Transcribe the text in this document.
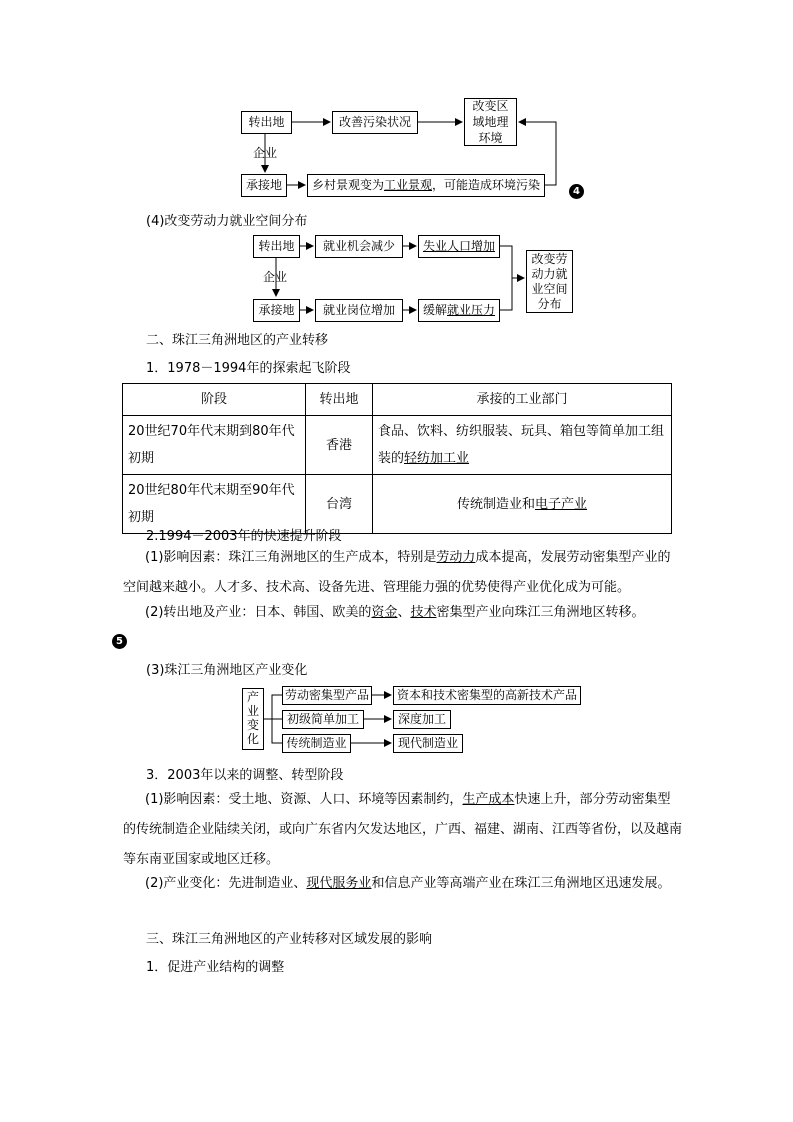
转出地	改善污染状况
改变区
域地理
环境
企业
承接地 乡村景观变为 工业景观 ，可能造成环境污染	4
(4)改变劳动力就业空间分布
转出地 就业机会减少 失业人口增加
改变劳
动力就
业空间
分布
企业
承接地 就业岗位增加 缓解 就业压力
二、珠江三角洲地区的产业转移
1．1978－1994年的探索起飞阶段
阶段	转出地	承接的工业部门
20世纪70年代末期到80年代初期	香港	食品、饮料、纺织服装、玩具、箱包等简单加工组装的轻纺加工业
20世纪80年代末期至90年代初期	台湾	传统制造业和电子产业
2.1994－2003年的快速提升阶段
(1)影响因素：珠江三角洲地区的生产成本，特别是劳动力成本提高，发展劳动密集型产业的空间越来越小。人才多、技术高、设备先进、管理能力强的优势使得产业优化成为可能。
(2)转出地及产业：日本、韩国、欧美的资金、技术密集型产业向珠江三角洲地区转移。
5
(3)珠江三角洲地区产业变化
产
业
变
化
劳动密集型产品 资本和技术密集型的高新技术产品
初级简单加工	深度加工
传统制造业	现代制造业
3．2003年以来的调整、转型阶段
(1)影响因素：受土地、资源、人口、环境等因素制约，生产成本快速上升，部分劳动密集型的传统制造企业陆续关闭，或向广东省内欠发达地区，广西、福建、湖南、江西等省份，以及越南等东南亚国家或地区迁移。
(2)产业变化：先进制造业、现代服务业和信息产业等高端产业在珠江三角洲地区迅速发展。
三、珠江三角洲地区的产业转移对区域发展的影响
1．促进产业结构的调整
